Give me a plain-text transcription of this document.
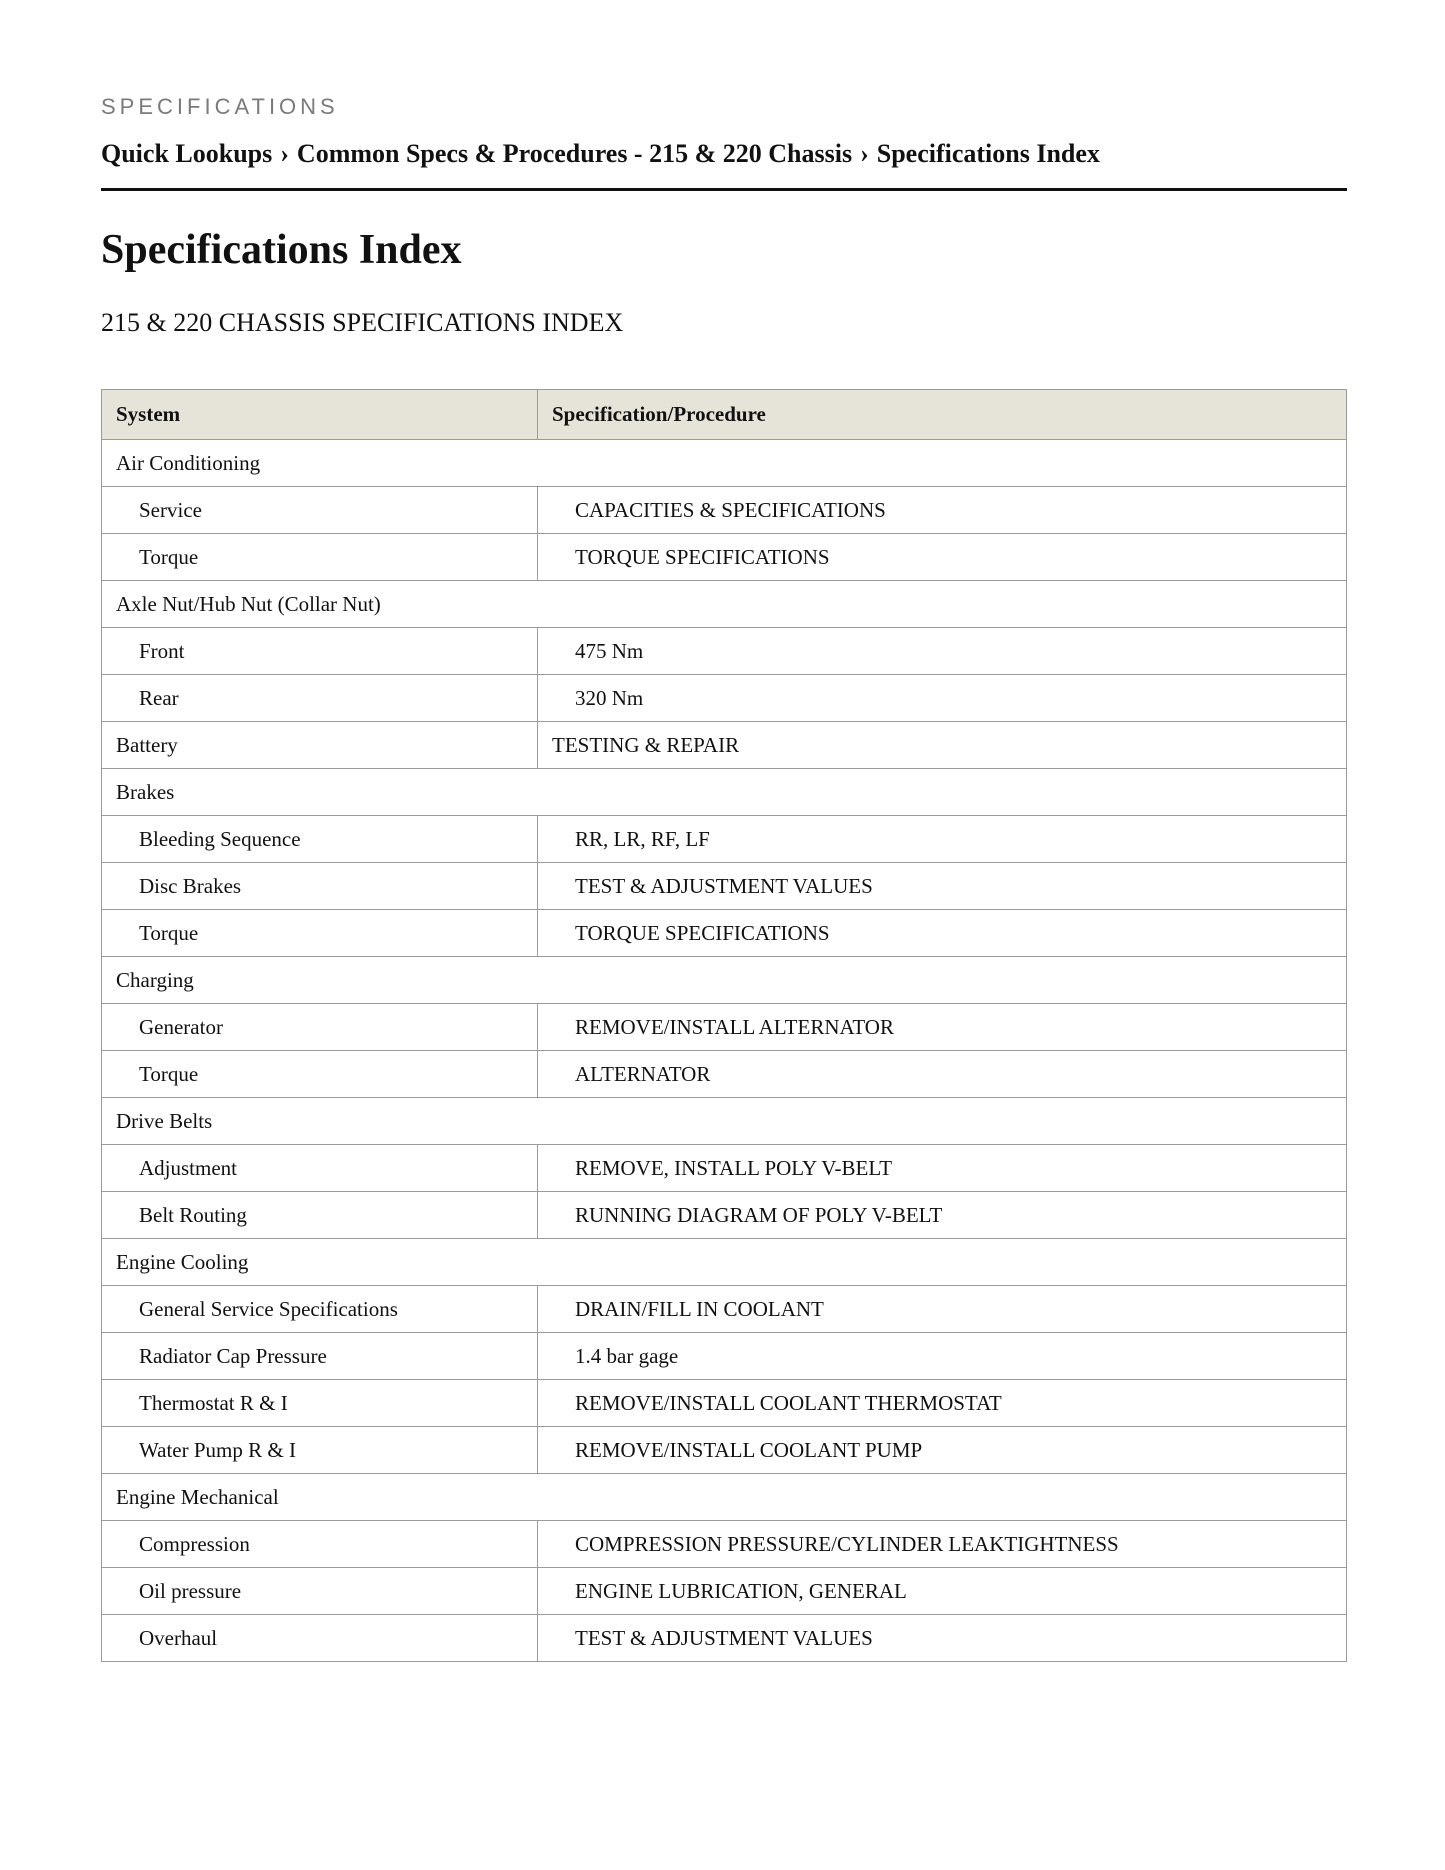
SPECIFICATIONS

Quick Lookups › Common Specs & Procedures - 215 & 220 Chassis › Specifications Index

Specifications Index

215 & 220 CHASSIS SPECIFICATIONS INDEX

System	Specification/Procedure
Air Conditioning	
Service	CAPACITIES & SPECIFICATIONS
Torque	TORQUE SPECIFICATIONS
Axle Nut/Hub Nut (Collar Nut)	
Front	475 Nm
Rear	320 Nm
Battery	TESTING & REPAIR
Brakes	
Bleeding Sequence	RR, LR, RF, LF
Disc Brakes	TEST & ADJUSTMENT VALUES
Torque	TORQUE SPECIFICATIONS
Charging	
Generator	REMOVE/INSTALL ALTERNATOR
Torque	ALTERNATOR
Drive Belts	
Adjustment	REMOVE, INSTALL POLY V-BELT
Belt Routing	RUNNING DIAGRAM OF POLY V-BELT
Engine Cooling	
General Service Specifications	DRAIN/FILL IN COOLANT
Radiator Cap Pressure	1.4 bar gage
Thermostat R & I	REMOVE/INSTALL COOLANT THERMOSTAT
Water Pump R & I	REMOVE/INSTALL COOLANT PUMP
Engine Mechanical	
Compression	COMPRESSION PRESSURE/CYLINDER LEAKTIGHTNESS
Oil pressure	ENGINE LUBRICATION, GENERAL
Overhaul	TEST & ADJUSTMENT VALUES
